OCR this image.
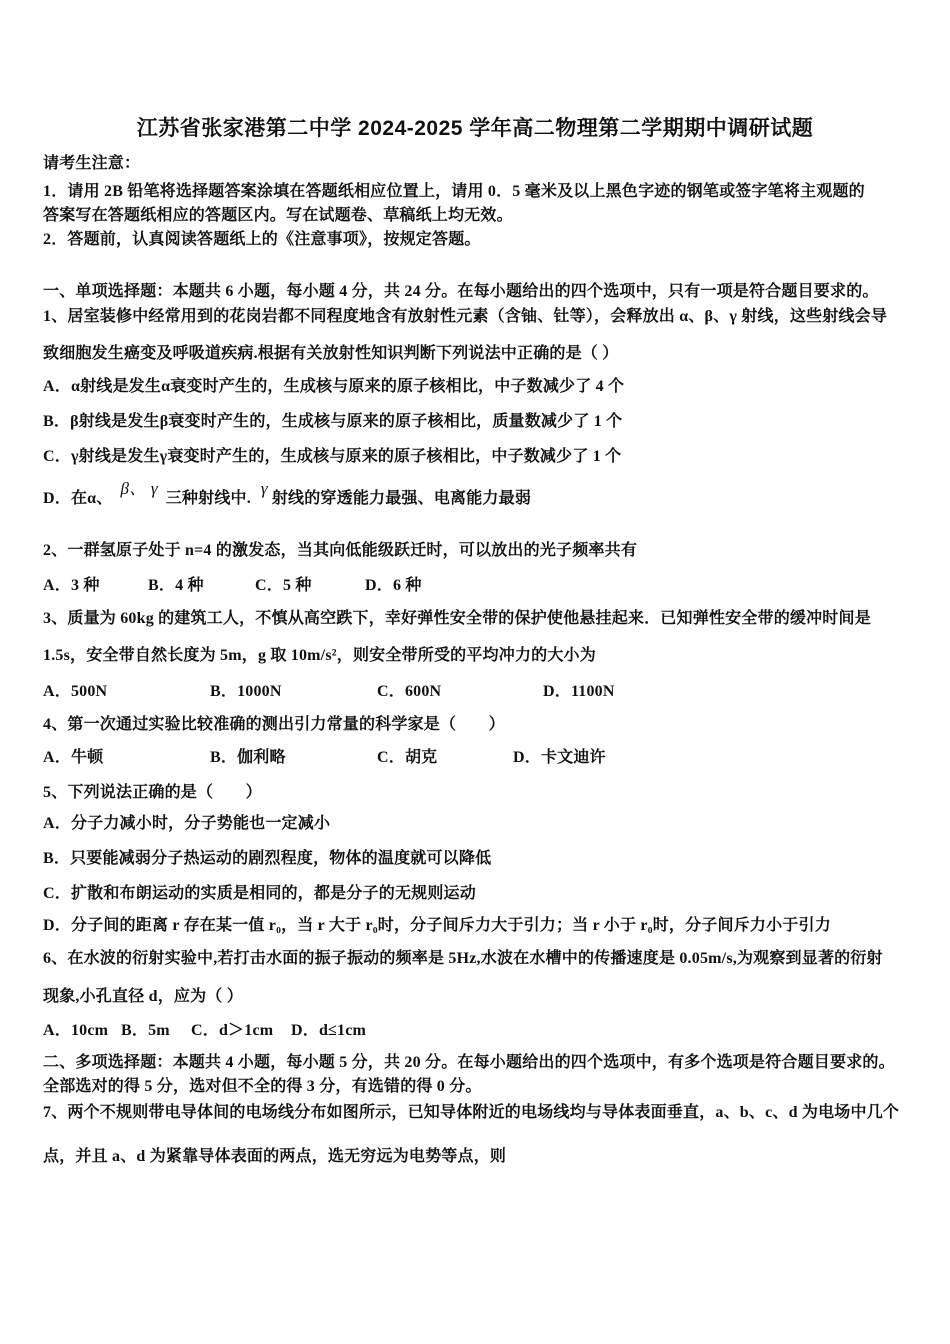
江苏省张家港第二中学 2024-2025 学年高二物理第二学期期中调研试题

请考生注意：

1．请用 2B 铅笔将选择题答案涂填在答题纸相应位置上，请用 0．5 毫米及以上黑色字迹的钢笔或签字笔将主观题的

答案写在答题纸相应的答题区内。写在试题卷、草稿纸上均无效。

2．答题前，认真阅读答题纸上的《注意事项》，按规定答题。

一、单项选择题：本题共 6 小题，每小题 4 分，共 24 分。在每小题给出的四个选项中，只有一项是符合题目要求的。

1、居室装修中经常用到的花岗岩都不同程度地含有放射性元素（含铀、钍等），会释放出 α、β、γ 射线，这些射线会导

致细胞发生癌变及呼吸道疾病.根据有关放射性知识判断下列说法中正确的是（ ）

A．α射线是发生α衰变时产生的，生成核与原来的原子核相比，中子数减少了 4 个

B．β射线是发生β衰变时产生的，生成核与原来的原子核相比，质量数减少了 1 个

C．γ射线是发生γ衰变时产生的，生成核与原来的原子核相比，中子数减少了 1 个

D．在α、β、 γ三种射线中.γ射线的穿透能力最强、电离能力最弱

2、一群氢原子处于 n=4 的激发态，当其向低能级跃迁时，可以放出的光子频率共有

A．3 种	B．4 种	C．5 种	D．6 种

3、质量为 60kg 的建筑工人，不慎从高空跌下，幸好弹性安全带的保护使他悬挂起来．已知弹性安全带的缓冲时间是

1.5s，安全带自然长度为 5m，g 取 10m/s²，则安全带所受的平均冲力的大小为

A．500N	B．1000N	C．600N	D．1100N

4、第一次通过实验比较准确的测出引力常量的科学家是（　　）

A．牛顿	B．伽利略	C．胡克	D．卡文迪许

5、下列说法正确的是（　　）

A．分子力减小时，分子势能也一定减小

B．只要能减弱分子热运动的剧烈程度，物体的温度就可以降低

C．扩散和布朗运动的实质是相同的，都是分子的无规则运动

D．分子间的距离 r 存在某一值 r₀，当 r 大于 r₀时，分子间斥力大于引力；当 r 小于 r₀时，分子间斥力小于引力

6、在水波的衍射实验中,若打击水面的振子振动的频率是 5Hz,水波在水槽中的传播速度是 0.05m/s,为观察到显著的衍射

现象,小孔直径 d，应为（ ）

A．10cm B．5m C．d＞1cm D．d≤1cm

二、多项选择题：本题共 4 小题，每小题 5 分，共 20 分。在每小题给出的四个选项中，有多个选项是符合题目要求的。

全部选对的得 5 分，选对但不全的得 3 分，有选错的得 0 分。

7、两个不规则带电导体间的电场线分布如图所示，已知导体附近的电场线均与导体表面垂直，a、b、c、d 为电场中几个

点，并且 a、d 为紧靠导体表面的两点，选无穷远为电势等点，则
